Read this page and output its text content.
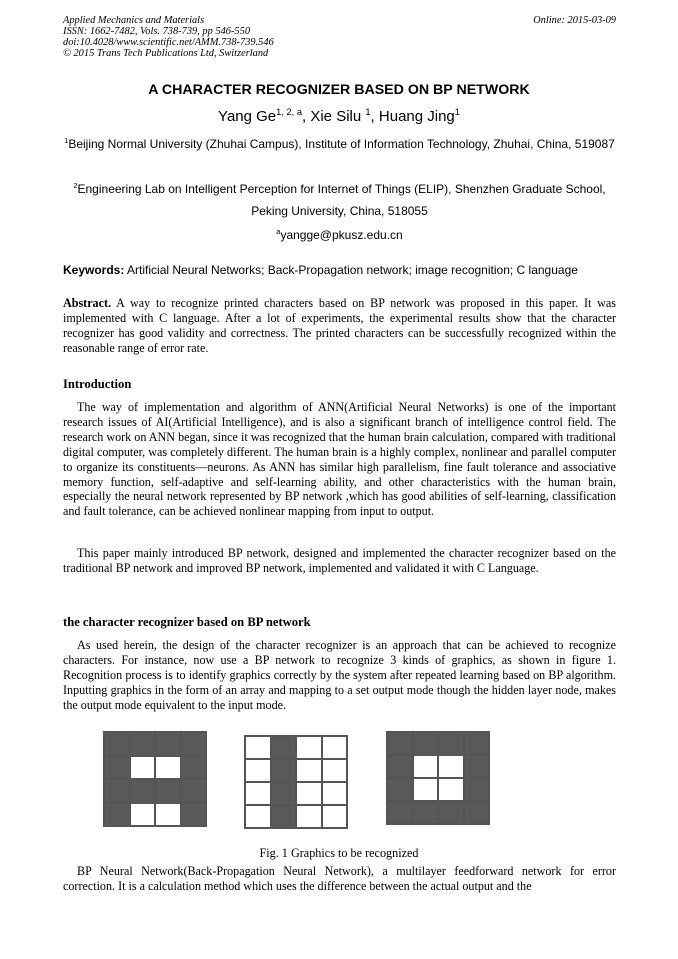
Applied Mechanics and Materials
ISSN: 1662-7482, Vols. 738-739, pp 546-550
doi:10.4028/www.scientific.net/AMM.738-739.546
© 2015 Trans Tech Publications Ltd, Switzerland
Online: 2015-03-09
A CHARACTER RECOGNIZER BASED ON BP NETWORK
Yang Ge$^{1, 2, a}$, Xie Silu $^1$, Huang Jing$^1$
$^1$Beijing Normal University (Zhuhai Campus), Institute of Information Technology, Zhuhai, China, 519087
$^2$Engineering Lab on Intelligent Perception for Internet of Things (ELIP), Shenzhen Graduate School, Peking University, China, 518055
$^a$yangge@pkusz.edu.cn
Keywords: Artificial Neural Networks; Back-Propagation network; image recognition; C language
Abstract. A way to recognize printed characters based on BP network was proposed in this paper. It was implemented with C language. After a lot of experiments, the experimental results show that the character recognizer has good validity and correctness. The printed characters can be successfully recognized within the reasonable range of error rate.
Introduction
The way of implementation and algorithm of ANN(Artificial Neural Networks) is one of the important research issues of AI(Artificial Intelligence), and is also a significant branch of intelligence control field. The research work on ANN began, since it was recognized that the human brain calculation, compared with traditional digital computer, was completely different. The human brain is a highly complex, nonlinear and parallel computer to organize its constituents—neurons. As ANN has similar high parallelism, fine fault tolerance and associative memory function, self-adaptive and self-learning ability, and other characteristics with the human brain, especially the neural network represented by BP network ,which has good abilities of self-learning, classification and fault tolerance, can be achieved nonlinear mapping from input to output.
This paper mainly introduced BP network, designed and implemented the character recognizer based on the traditional BP network and improved BP network, implemented and validated it with C Language.
the character recognizer based on BP network
As used herein, the design of the character recognizer is an approach that can be achieved to recognize characters. For instance, now use a BP network to recognize 3 kinds of graphics, as shown in figure 1. Recognition process is to identify graphics correctly by the system after repeated learning based on BP algorithm. Inputting graphics in the form of an array and mapping to a set output mode though the hidden layer node, makes the output mode equivalent to the input mode.
Fig. 1 Graphics to be recognized
BP Neural Network(Back-Propagation Neural Network), a multilayer feedforward network for error correction. It is a calculation method which uses the difference between the actual output and the
